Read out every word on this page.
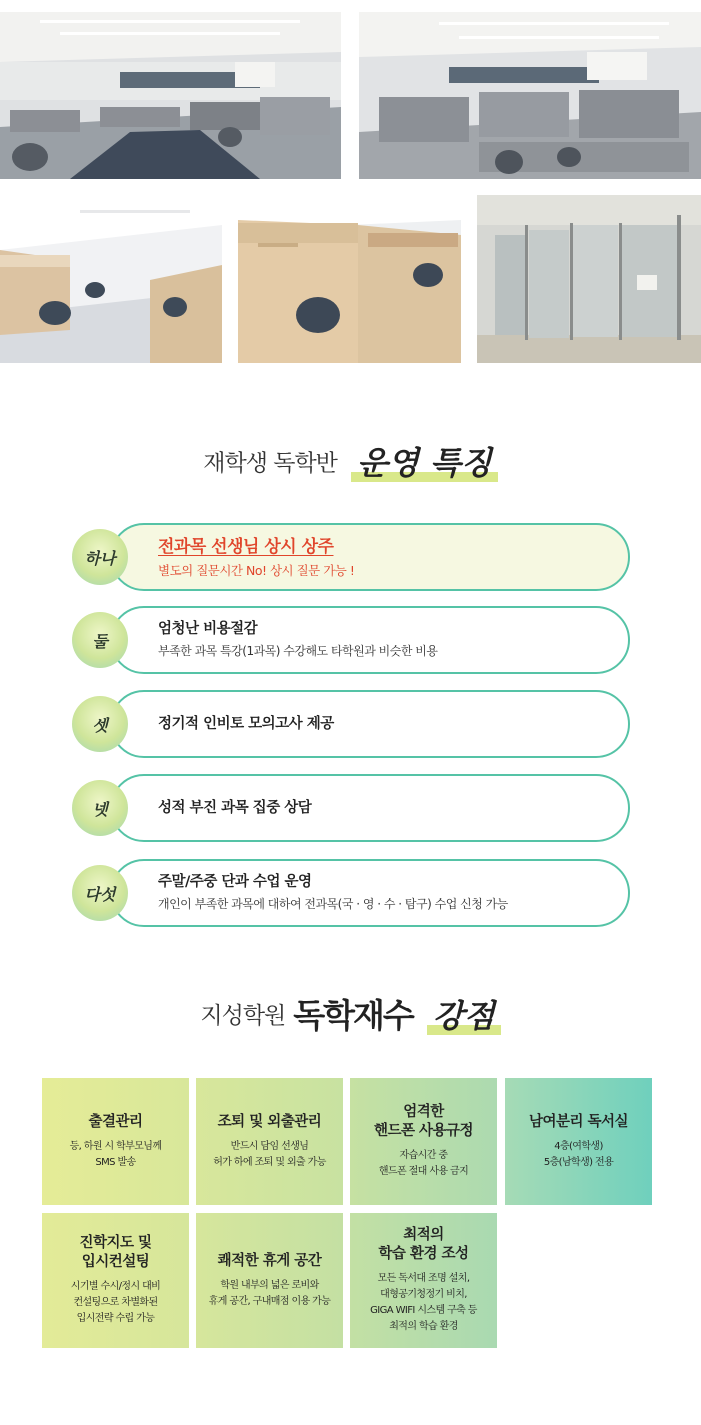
재학생 독학반 운영 특징
하나
전과목 선생님 상시 상주
별도의 질문시간 No! 상시 질문 가능 !
둘
엄청난 비용절감
부족한 과목 특강(1과목) 수강해도 타학원과 비슷한 비용
셋	정기적 인비토 모의고사 제공
넷	성적 부진 과목 집중 상담
다섯
주말/주중 단과 수업 운영
개인이 부족한 과목에 대하여 전과목(국 · 영 · 수 · 탐구) 수업 신청 가능
지성학원 독학재수 강점
출결관리
등, 하원 시 학부모님께
SMS 발송
조퇴 및 외출관리
반드시 담임 선생님
허가 하에 조퇴 및 외출 가능
엄격한
핸드폰 사용규정
자습시간 중
핸드폰 절대 사용 금지
남여분리 독서실
4층(여학생)
5층(남학생) 전용
진학지도 및
입시컨설팅
시기별 수시/정시 대비
컨설팅으로 차별화된
입시전략 수립 가능
쾌적한 휴게 공간
학원 내부의 넓은 로비와
휴게 공간, 구내매점 이용 가능
최적의
학습 환경 조성
모든 독서대 조명 설치,
대형공기청정기 비치,
GIGA WIFI 시스템 구축 등
최적의 학습 환경
